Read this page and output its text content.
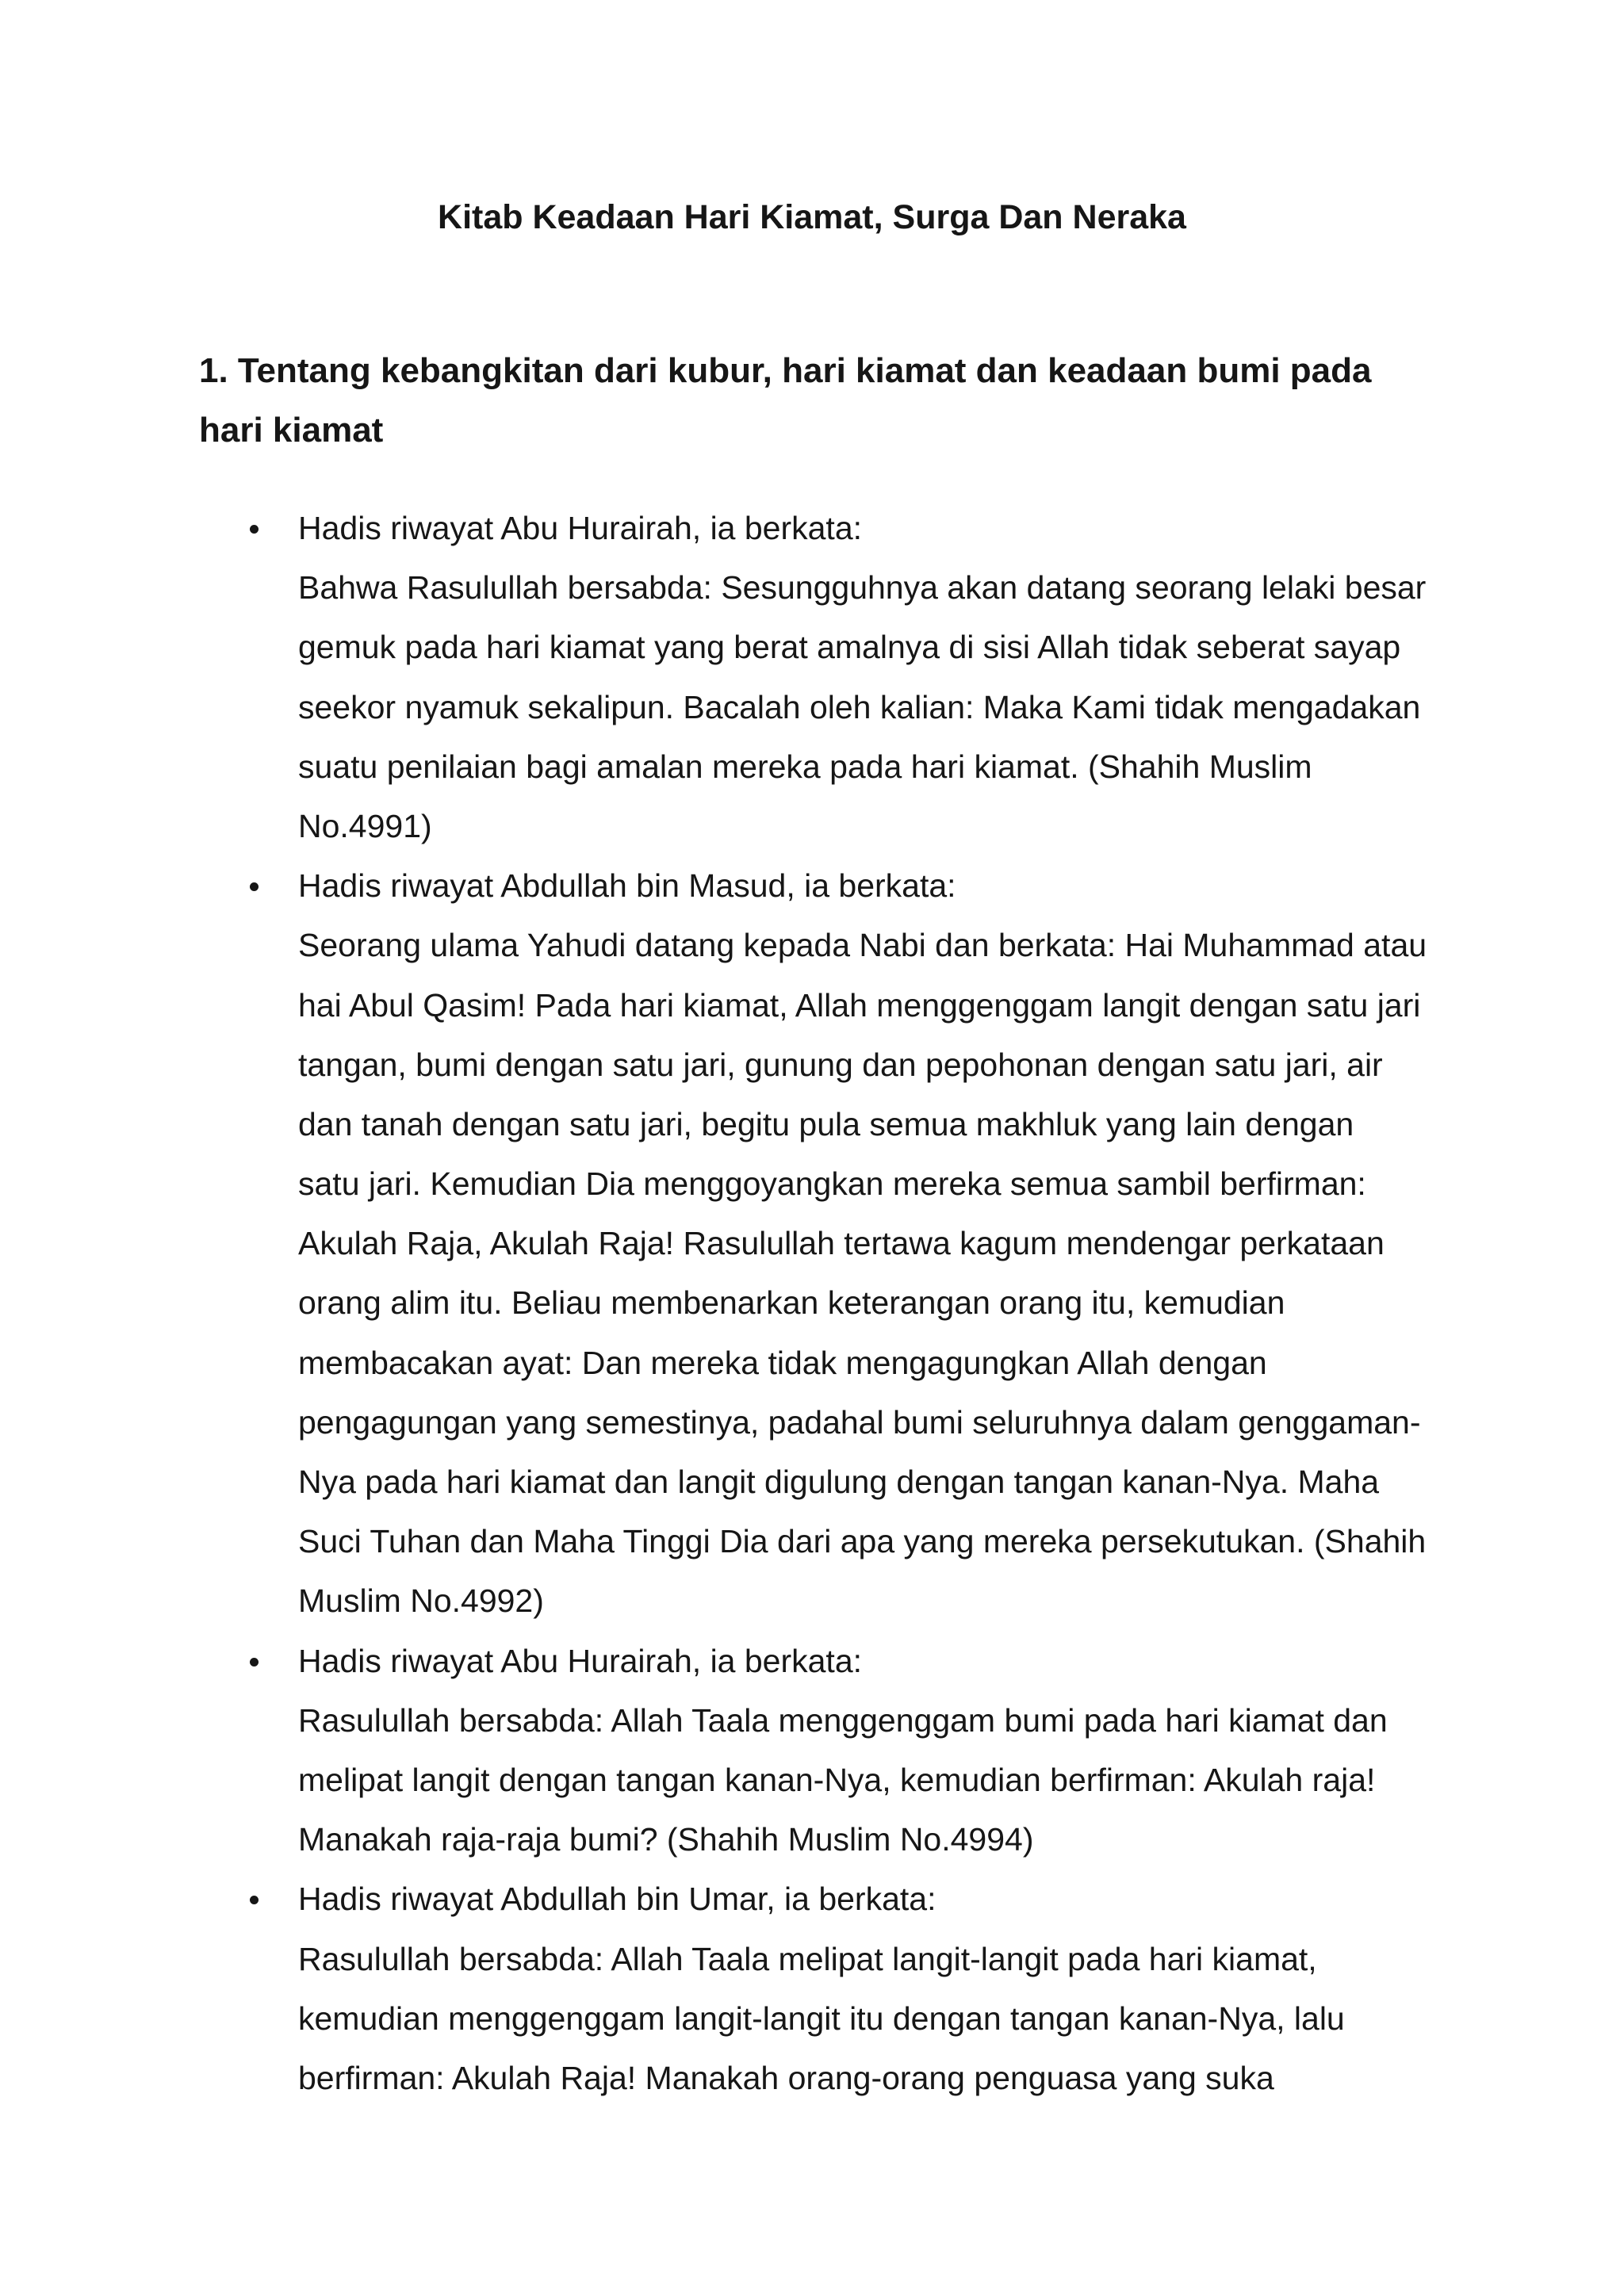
Kitab Keadaan Hari Kiamat, Surga Dan Neraka
1. Tentang kebangkitan dari kubur, hari kiamat dan keadaan bumi pada
hari kiamat
Hadis riwayat Abu Hurairah, ia berkata:
Bahwa Rasulullah bersabda: Sesungguhnya akan datang seorang lelaki besar
gemuk pada hari kiamat yang berat amalnya di sisi Allah tidak seberat sayap
seekor nyamuk sekalipun. Bacalah oleh kalian: Maka Kami tidak mengadakan
suatu penilaian bagi amalan mereka pada hari kiamat. (Shahih Muslim
No.4991)
Hadis riwayat Abdullah bin Masud, ia berkata:
Seorang ulama Yahudi datang kepada Nabi dan berkata: Hai Muhammad atau
hai Abul Qasim! Pada hari kiamat, Allah menggenggam langit dengan satu jari
tangan, bumi dengan satu jari, gunung dan pepohonan dengan satu jari, air
dan tanah dengan satu jari, begitu pula semua makhluk yang lain dengan
satu jari. Kemudian Dia menggoyangkan mereka semua sambil berfirman:
Akulah Raja, Akulah Raja! Rasulullah tertawa kagum mendengar perkataan
orang alim itu. Beliau membenarkan keterangan orang itu, kemudian
membacakan ayat: Dan mereka tidak mengagungkan Allah dengan
pengagungan yang semestinya, padahal bumi seluruhnya dalam genggaman-
Nya pada hari kiamat dan langit digulung dengan tangan kanan-Nya. Maha
Suci Tuhan dan Maha Tinggi Dia dari apa yang mereka persekutukan. (Shahih
Muslim No.4992)
Hadis riwayat Abu Hurairah, ia berkata:
Rasulullah bersabda: Allah Taala menggenggam bumi pada hari kiamat dan
melipat langit dengan tangan kanan-Nya, kemudian berfirman: Akulah raja!
Manakah raja-raja bumi? (Shahih Muslim No.4994)
Hadis riwayat Abdullah bin Umar, ia berkata:
Rasulullah bersabda: Allah Taala melipat langit-langit pada hari kiamat,
kemudian menggenggam langit-langit itu dengan tangan kanan-Nya, lalu
berfirman: Akulah Raja! Manakah orang-orang penguasa yang suka
